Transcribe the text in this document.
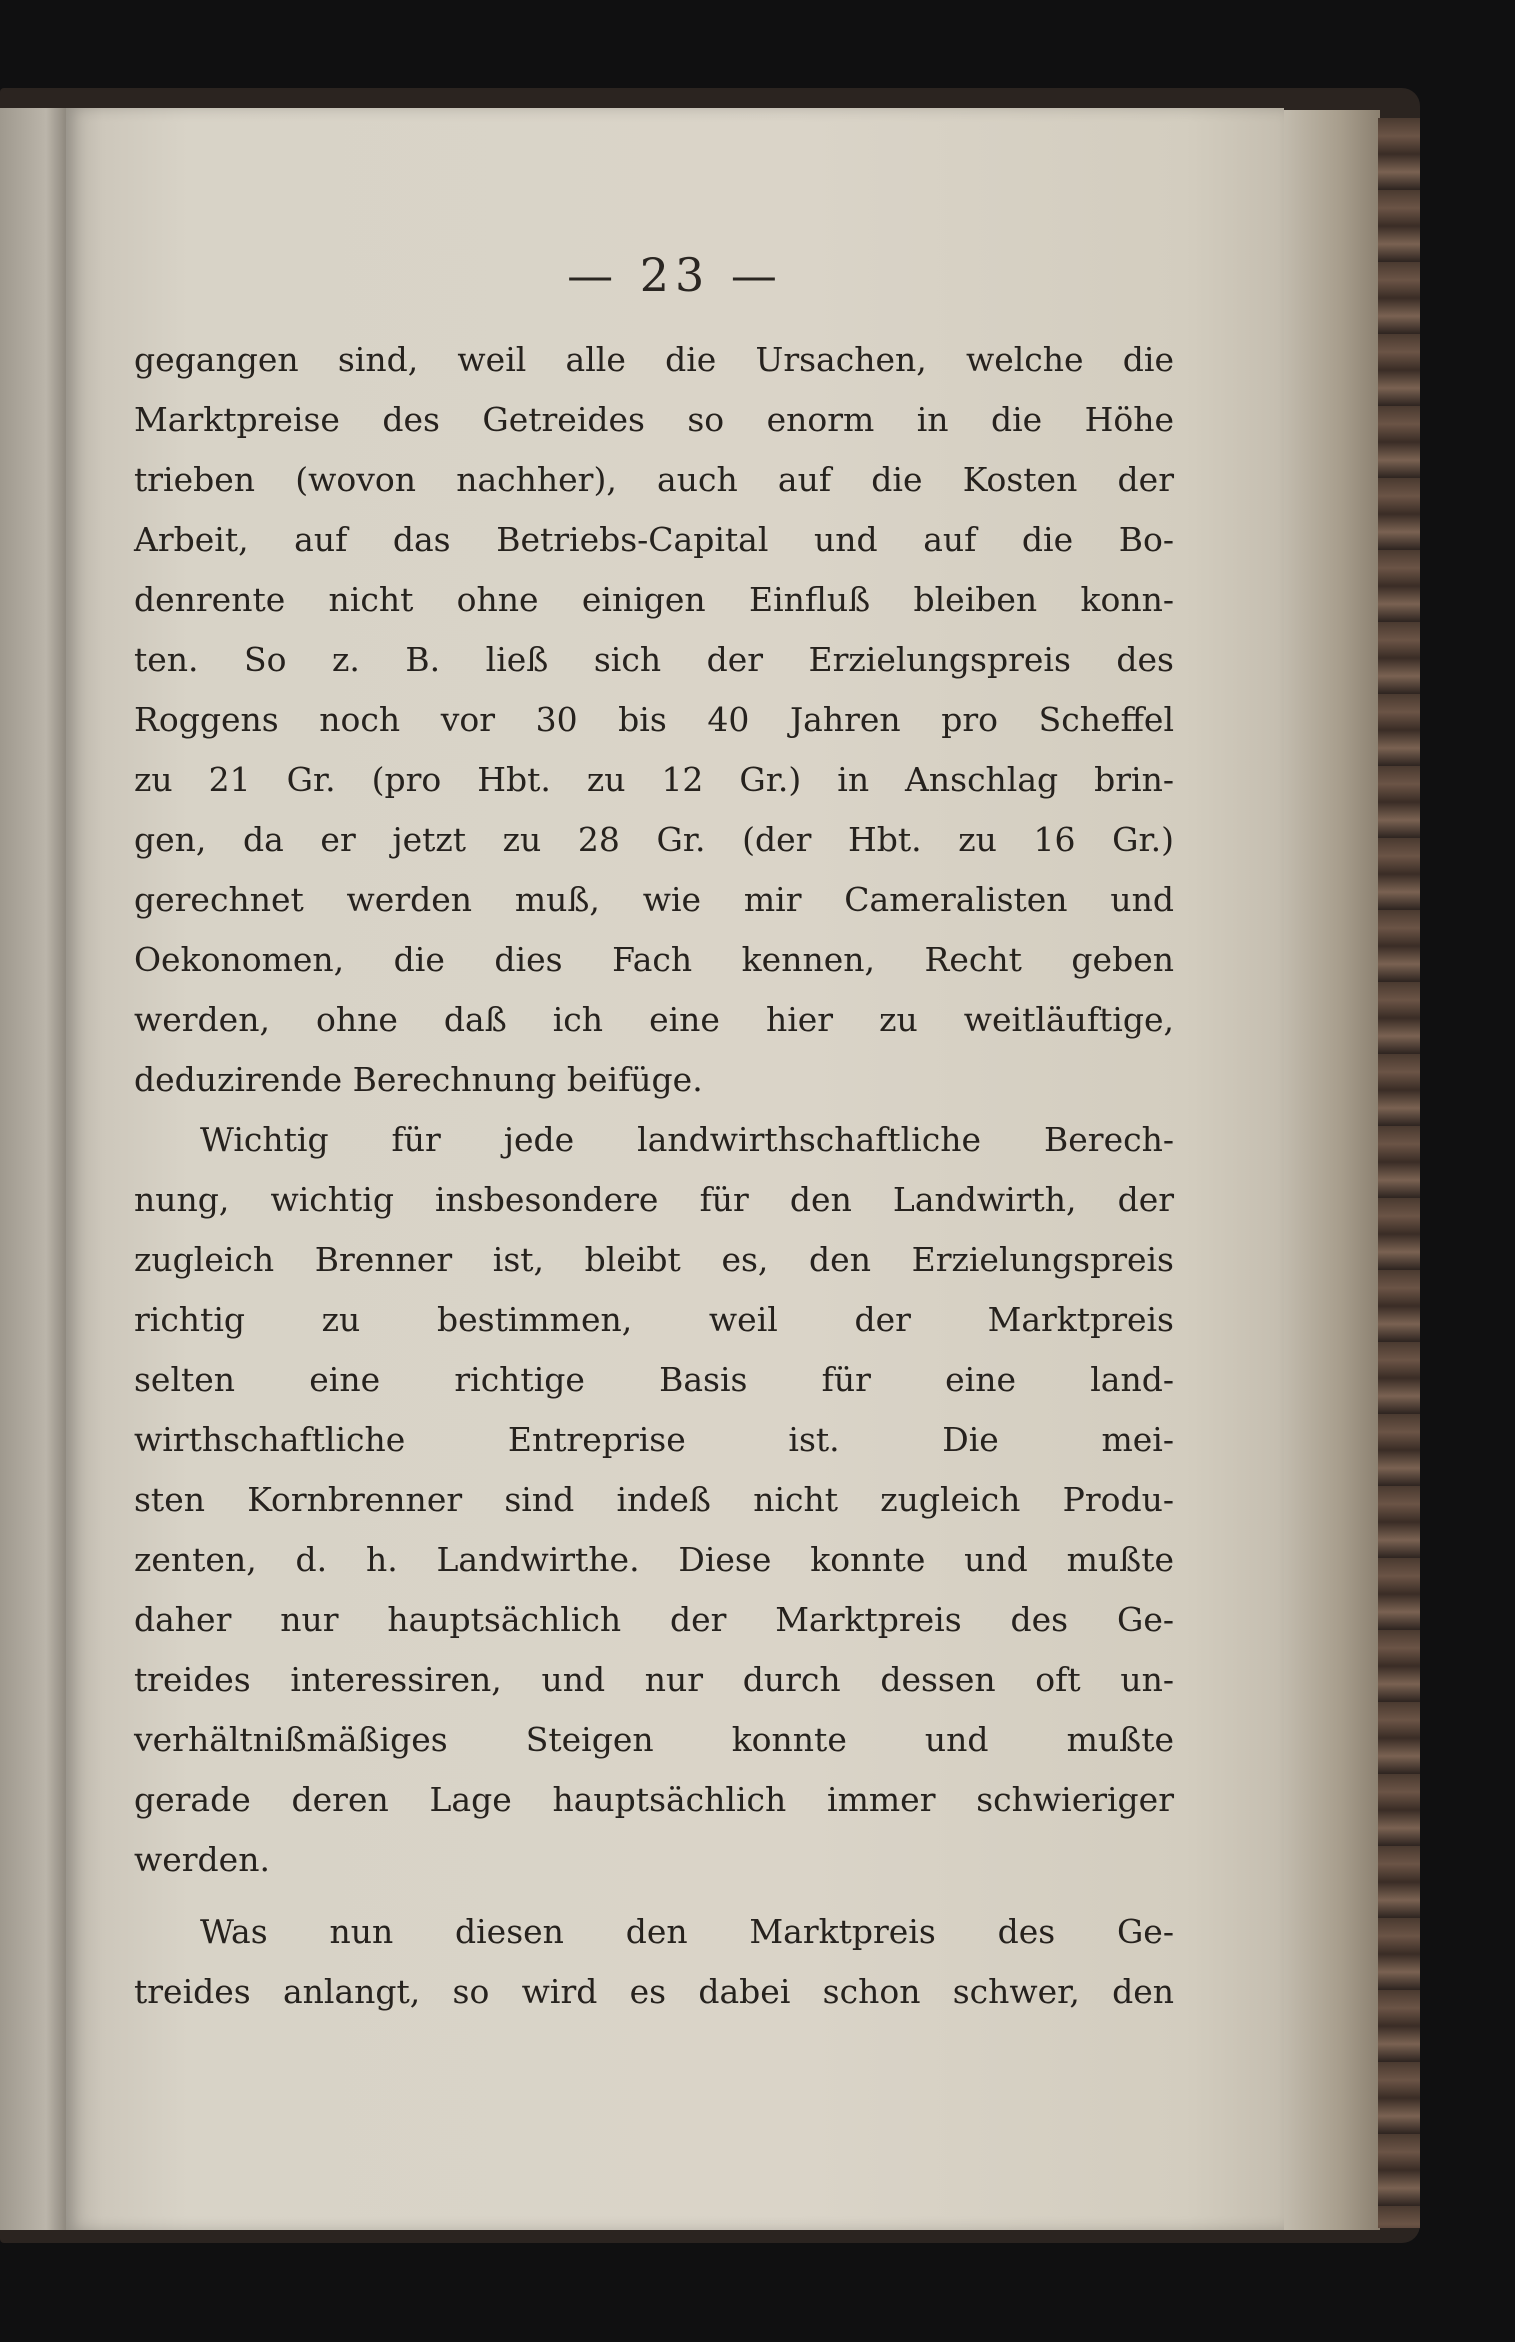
— 23 —
gegangen sind, weil alle die Ursachen, welche die
Marktpreise des Getreides so enorm in die Höhe
trieben (wovon nachher), auch auf die Kosten der
Arbeit, auf das Betriebs-Capital und auf die Bo-
denrente nicht ohne einigen Einfluß bleiben konn-
ten. So z. B. ließ sich der Erzielungspreis des
Roggens noch vor 30 bis 40 Jahren pro Scheffel
zu 21 Gr. (pro Hbt. zu 12 Gr.) in Anschlag brin-
gen, da er jetzt zu 28 Gr. (der Hbt. zu 16 Gr.)
gerechnet werden muß, wie mir Cameralisten und
Oekonomen, die dies Fach kennen, Recht geben
werden, ohne daß ich eine hier zu weitläuftige,
deduzirende Berechnung beifüge.
Wichtig für jede landwirthschaftliche Berech-
nung, wichtig insbesondere für den Landwirth, der
zugleich Brenner ist, bleibt es, den Erzielungspreis
richtig zu bestimmen, weil der Marktpreis
selten eine richtige Basis für eine land-
wirthschaftliche Entreprise ist. Die mei-
sten Kornbrenner sind indeß nicht zugleich Produ-
zenten, d. h. Landwirthe. Diese konnte und mußte
daher nur hauptsächlich der Marktpreis des Ge-
treides interessiren, und nur durch dessen oft un-
verhältnißmäßiges Steigen konnte und mußte
gerade deren Lage hauptsächlich immer schwieriger
werden.
Was nun diesen den Marktpreis des Ge-
treides anlangt, so wird es dabei schon schwer, den
